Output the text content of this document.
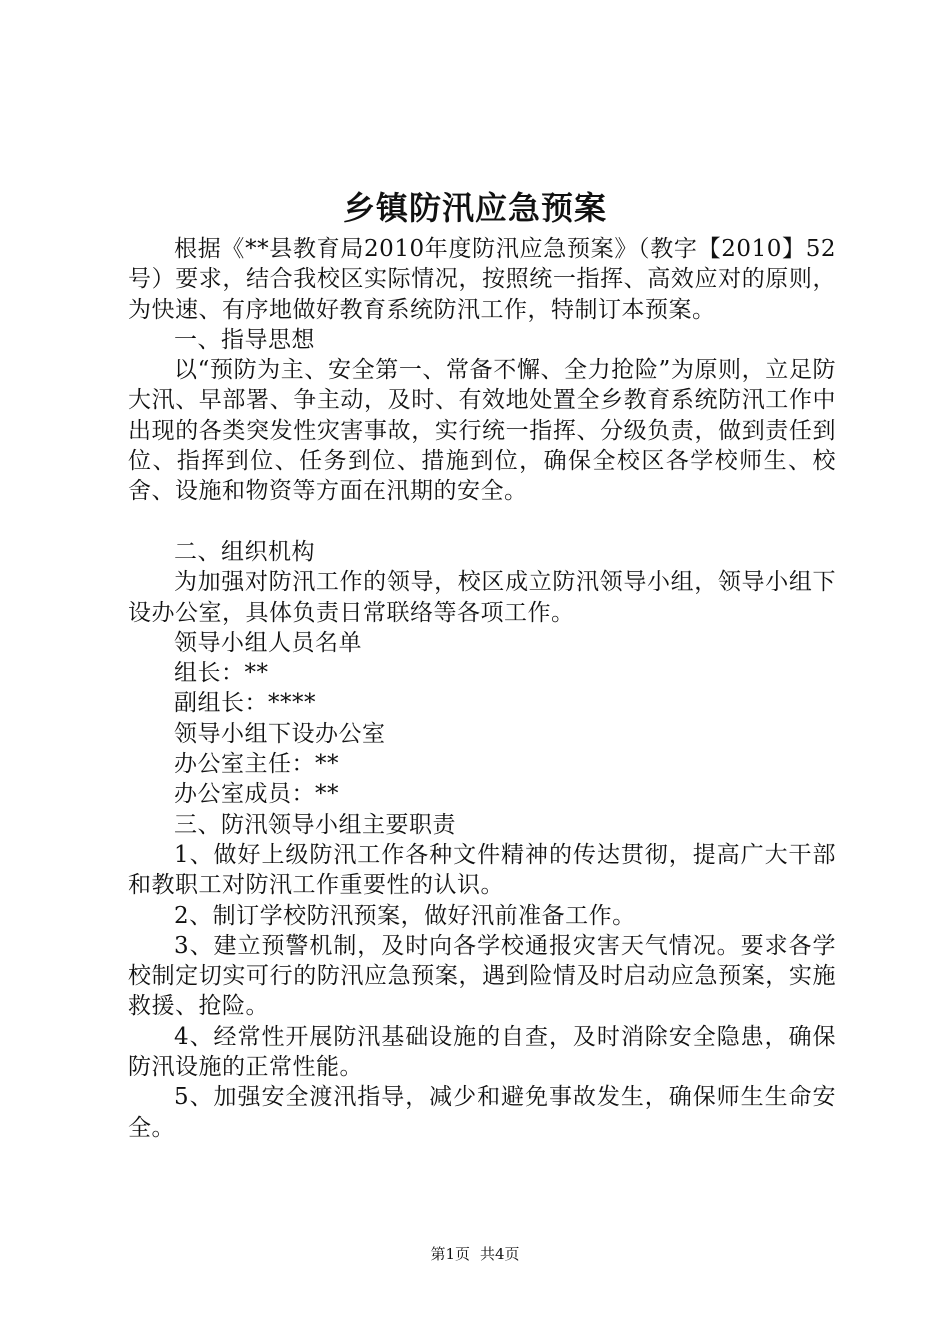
乡镇防汛应急预案

根据《**县教育局2010年度防汛应急预案》（教字【2010】52号）要求，结合我校区实际情况，按照统一指挥、高效应对的原则，为快速、有序地做好教育系统防汛工作，特制订本预案。

一、指导思想

以“预防为主、安全第一、常备不懈、全力抢险”为原则，立足防大汛、早部署、争主动，及时、有效地处置全乡教育系统防汛工作中出现的各类突发性灾害事故，实行统一指挥、分级负责，做到责任到位、指挥到位、任务到位、措施到位，确保全校区各学校师生、校舍、设施和物资等方面在汛期的安全。

二、组织机构

为加强对防汛工作的领导，校区成立防汛领导小组，领导小组下设办公室，具体负责日常联络等各项工作。

领导小组人员名单

组长：**

副组长：****

领导小组下设办公室

办公室主任：**

办公室成员：**

三、防汛领导小组主要职责

1、做好上级防汛工作各种文件精神的传达贯彻，提高广大干部和教职工对防汛工作重要性的认识。

2、制订学校防汛预案，做好汛前准备工作。

3、建立预警机制，及时向各学校通报灾害天气情况。要求各学校制定切实可行的防汛应急预案，遇到险情及时启动应急预案，实施救援、抢险。

4、经常性开展防汛基础设施的自查，及时消除安全隐患，确保防汛设施的正常性能。

5、加强安全渡汛指导，减少和避免事故发生，确保师生生命安全。

第1页 共4页
